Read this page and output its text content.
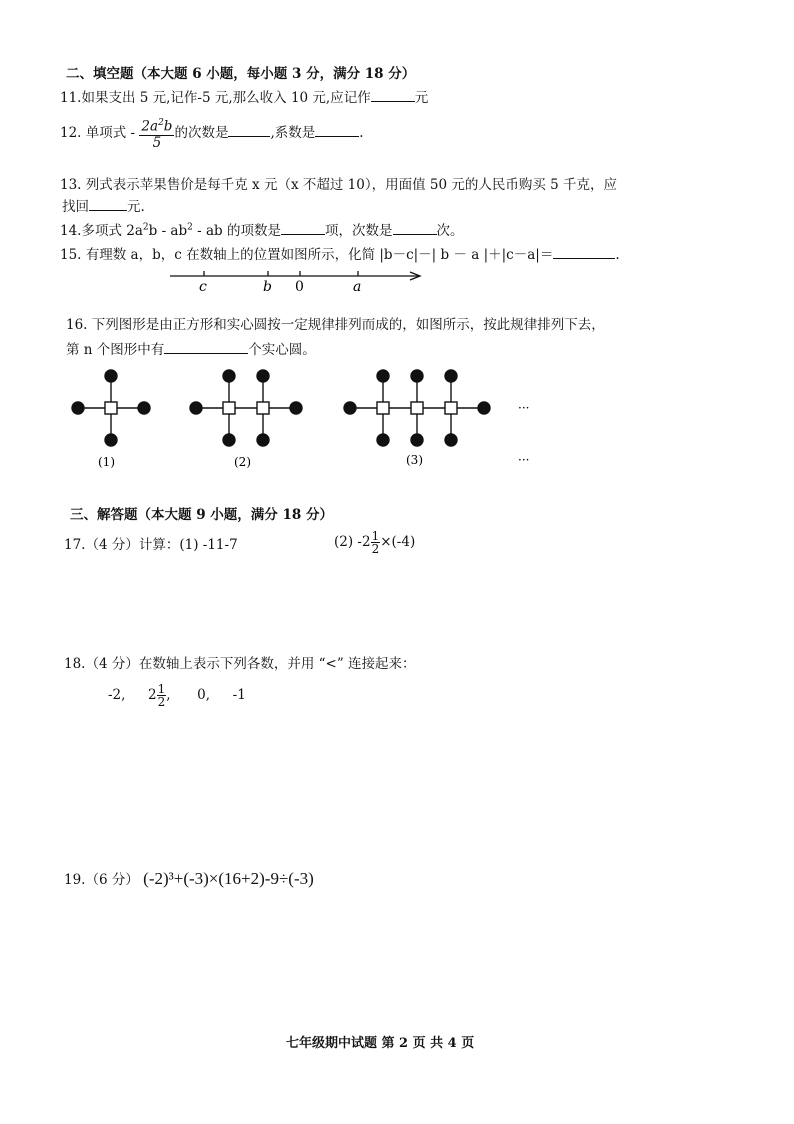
二、填空题（本大题 6 小题，每小题 3 分，满分 18 分）
11.如果支出 5 元,记作-5 元,那么收入 10 元,应记作	元
12. 单项式 - $\frac{2a^2b}{5}$ 的次数是	,系数是	.
13. 列式表示苹果售价是每千克 x 元（x 不超过 10），用面值 50 元的人民币购买 5 千克，应
找回	元.
14.多项式 $2a^2b - ab^2$ - ab 的项数是	项，次数是	次。
15. 有理数 a，b，c 在数轴上的位置如图所示，化简 |b－c|－| b － a |＋|c－a|＝	.
c	b 0	a
16. 下列图形是由正方形和实心圆按一定规律排列而成的，如图所示，按此规律排列下去，
第 n 个图形中有	个实心圆。
···
···
(1)	(2)	(3)
三、解答题（本大题 9 小题，满分 18 分）
17.（4 分）计算：(1) -11-7	(2) $-2 \frac{1}{2} \times(-4)$
18.（4 分）在数轴上表示下列各数，并用 “<” 连接起来：
-2, $2 \frac{1}{2}$ , 0, -1
19.（6 分） (-2)³+(-3)×(16+2)-9÷(-3)
七年级期中试题 第 2 页 共 4 页
